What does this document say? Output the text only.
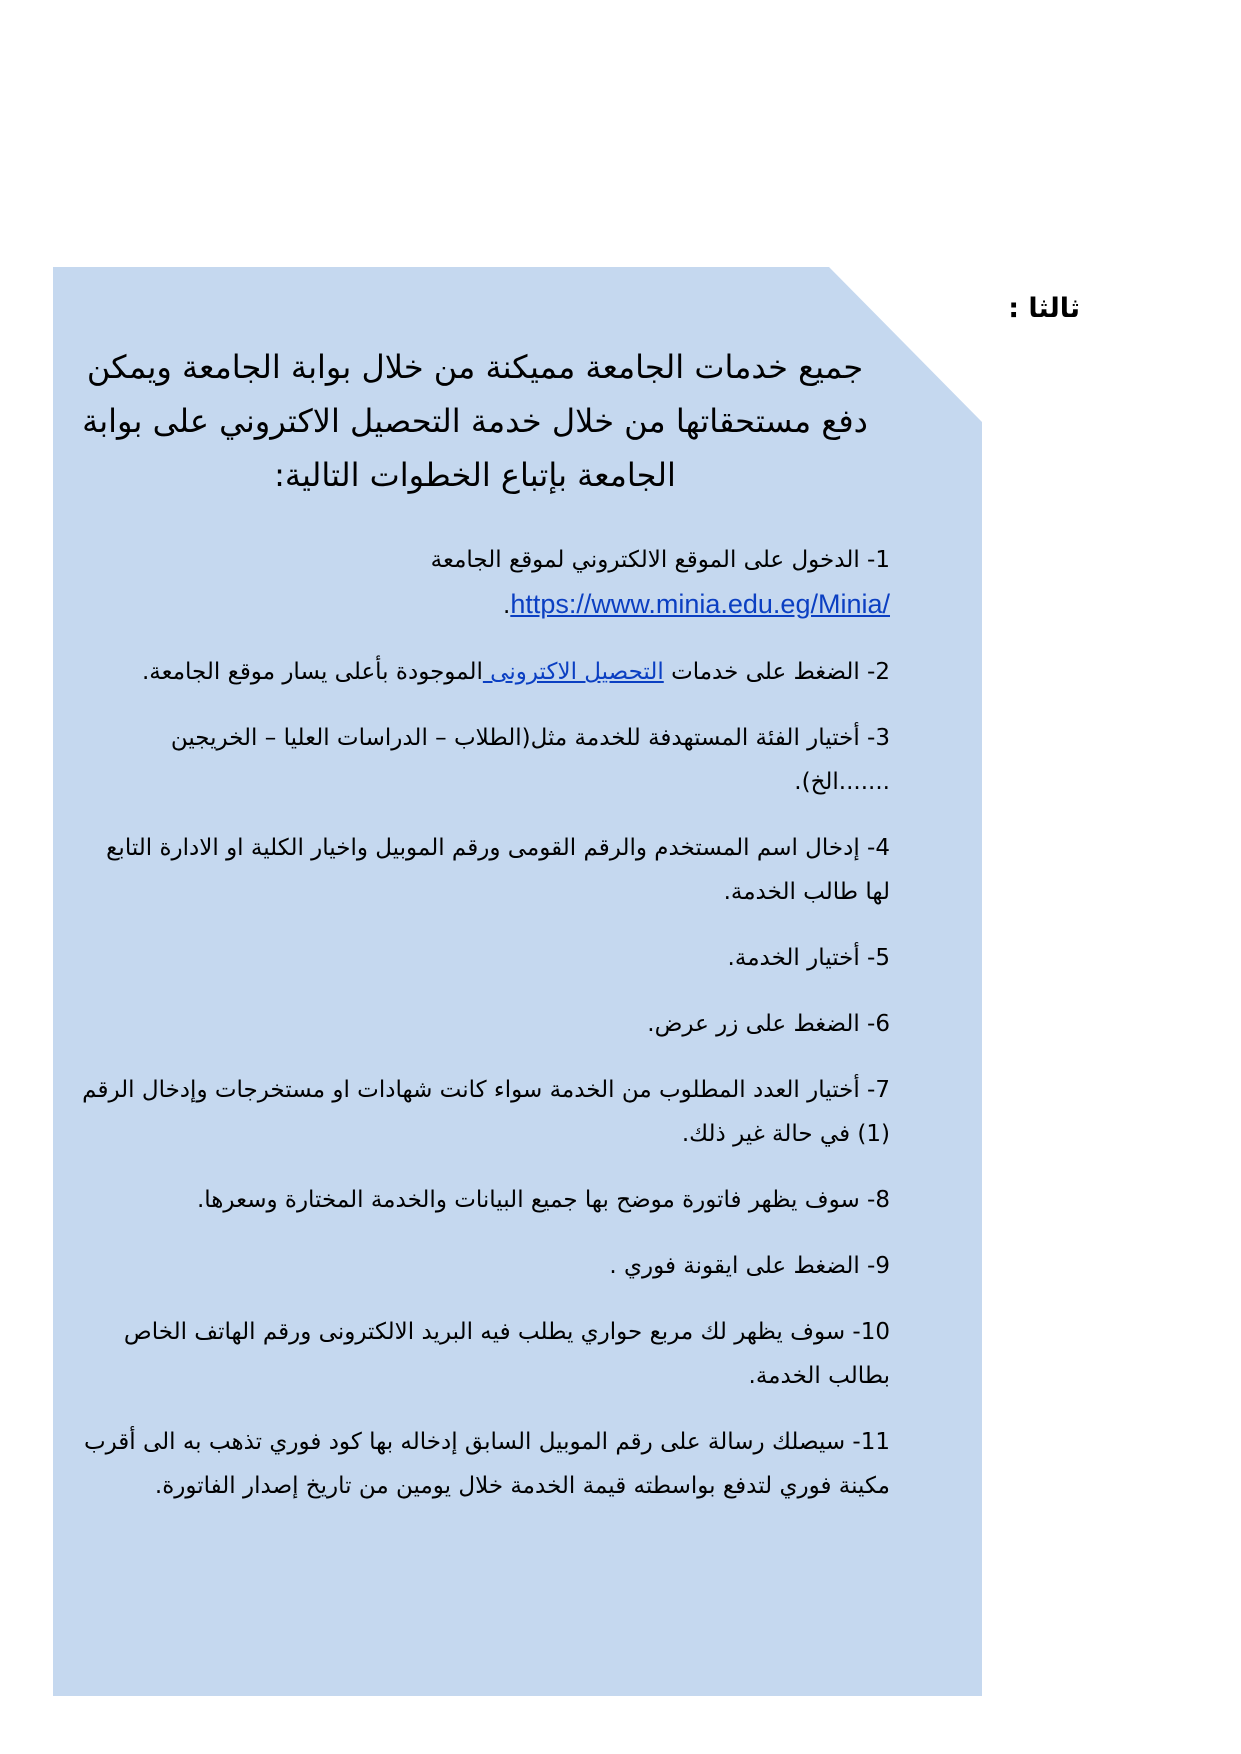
ثالثا :
جميع خدمات الجامعة مميكنة من خلال بوابة الجامعة ويمكن دفع مستحقاتها من خلال خدمة التحصيل الاكتروني على بوابة الجامعة بإتباع الخطوات التالية:
1- الدخول على الموقع الالكتروني لموقع الجامعة
https://www.minia.edu.eg/Minia/.
2- الضغط على خدمات التحصيل الاكترونى الموجودة بأعلى يسار موقع الجامعة.
3- أختيار الفئة المستهدفة للخدمة مثل(الطلاب – الدراسات العليا – الخريجين .......الخ).
4- إدخال اسم المستخدم والرقم القومى ورقم الموبيل واخيار الكلية او الادارة التابع لها طالب الخدمة.
5- أختيار الخدمة.
6- الضغط على زر عرض.
7- أختيار العدد المطلوب من الخدمة سواء كانت شهادات او مستخرجات وإدخال الرقم (1) في حالة غير ذلك.
8- سوف يظهر فاتورة موضح بها جميع البيانات والخدمة المختارة وسعرها.
9- الضغط على ايقونة فوري .
10- سوف يظهر لك مربع حواري يطلب فيه البريد الالكترونى ورقم الهاتف الخاص بطالب الخدمة.
11- سيصلك رسالة على رقم الموبيل السابق إدخاله بها كود فوري تذهب به الى أقرب مكينة فوري لتدفع بواسطته قيمة الخدمة خلال يومين من تاريخ إصدار الفاتورة.
